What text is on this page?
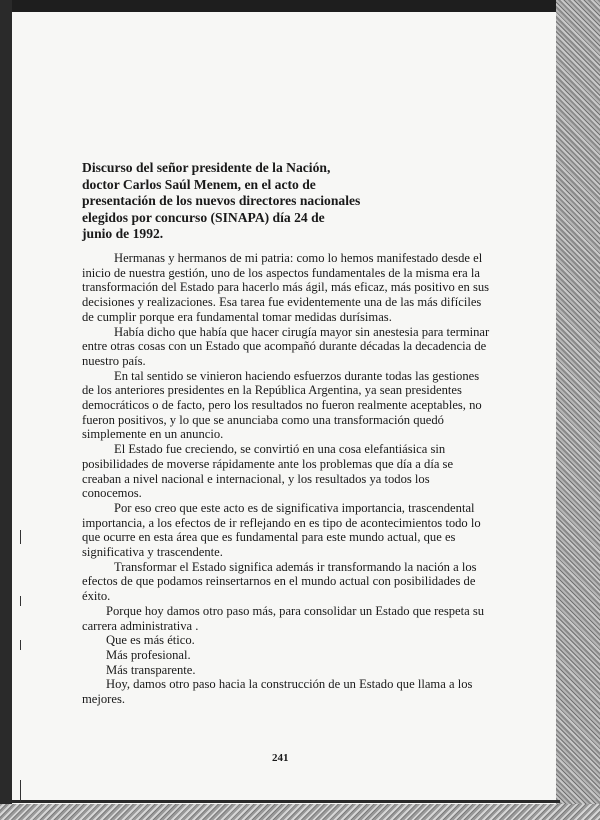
Discurso del señor presidente de la Nación,
doctor Carlos Saúl Menem, en el acto de
presentación de los nuevos directores nacionales
elegidos por concurso (SINAPA) día 24 de
junio de 1992.

Hermanas y hermanos de mi patria: como lo hemos manifestado desde el inicio de nuestra gestión, uno de los aspectos fundamentales de la misma era la transformación del Estado para hacerlo más ágil, más eficaz, más positivo en sus decisiones y realizaciones. Esa tarea fue evidentemente una de las más difíciles de cumplir porque era fundamental tomar medidas durísimas.

Había dicho que había que hacer cirugía mayor sin anestesia para terminar entre otras cosas con un Estado que acompañó durante décadas la decadencia de nuestro país.

En tal sentido se vinieron haciendo esfuerzos durante todas las gestiones de los anteriores presidentes en la República Argentina, ya sean presidentes democráticos o de facto, pero los resultados no fueron realmente aceptables, no fueron positivos, y lo que se anunciaba como una transformación quedó simplemente en un anuncio.

El Estado fue creciendo, se convirtió en una cosa elefantiásica sin posibilidades de moverse rápidamente ante los problemas que día a día se creaban a nivel nacional e internacional, y los resultados ya todos los conocemos.

Por eso creo que este acto es de significativa importancia, trascendental importancia, a los efectos de ir reflejando en es tipo de acontecimientos todo lo que ocurre en esta área que es fundamental para este mundo actual, que es significativa y trascendente.

Transformar el Estado significa además ir transformando la nación a los efectos de que podamos reinsertarnos en el mundo actual con posibilidades de éxito.

Porque hoy damos otro paso más, para consolidar un Estado que respeta su carrera administrativa .

Que es más ético.

Más profesional.

Más transparente.

Hoy, damos otro paso hacia la construcción de un Estado que llama a los mejores.

241
